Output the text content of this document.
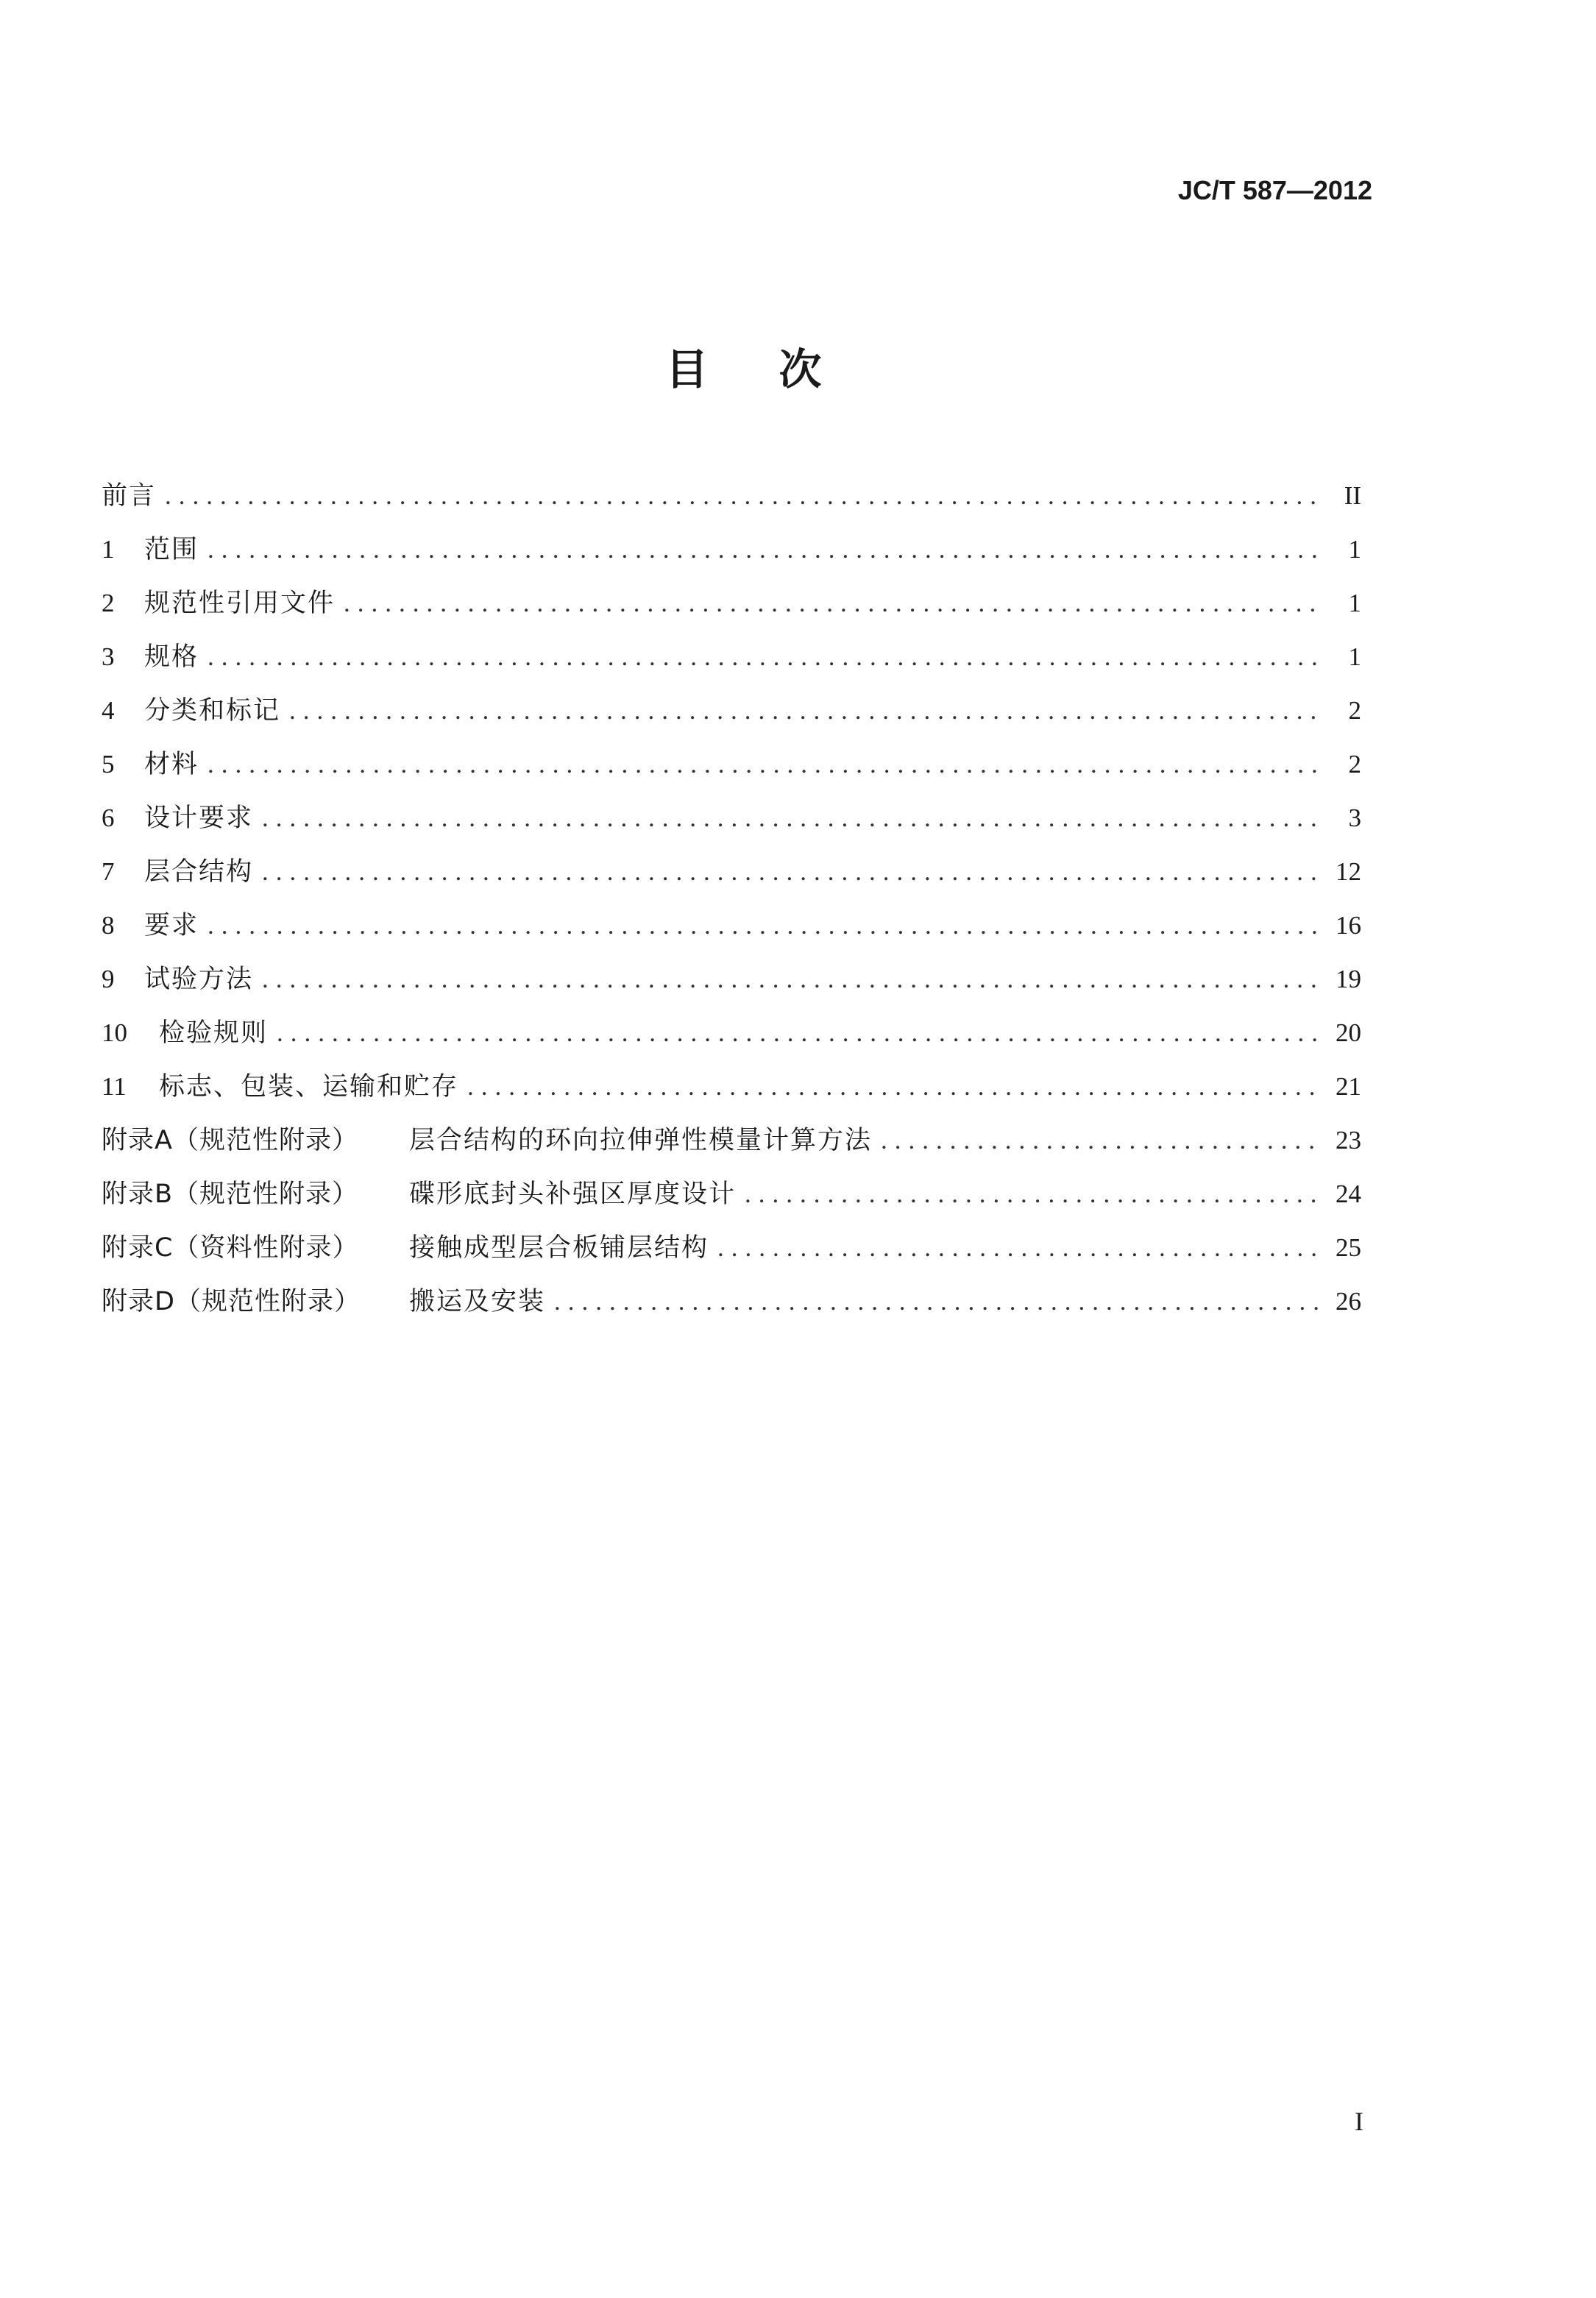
JC/T 587—2012
目次
前言 .....	II
1	范围 .....	1
2	规范性引用文件 .....	1
3	规格 .....	1
4	分类和标记 .....	2
5	材料 .....	2
6	设计要求 .....	3
7	层合结构 .....	12
8	要求 .....	16
9	试验方法 .....	19
10	检验规则 .....	20
11	标志、包装、运输和贮存 .....	21
附录A（规范性附录）	层合结构的环向拉伸弹性模量计算方法 .....	23
附录B（规范性附录）	碟形底封头补强区厚度设计 .....	24
附录C（资料性附录）	接触成型层合板铺层结构 .....	25
附录D（规范性附录）	搬运及安装 .....	26
I
